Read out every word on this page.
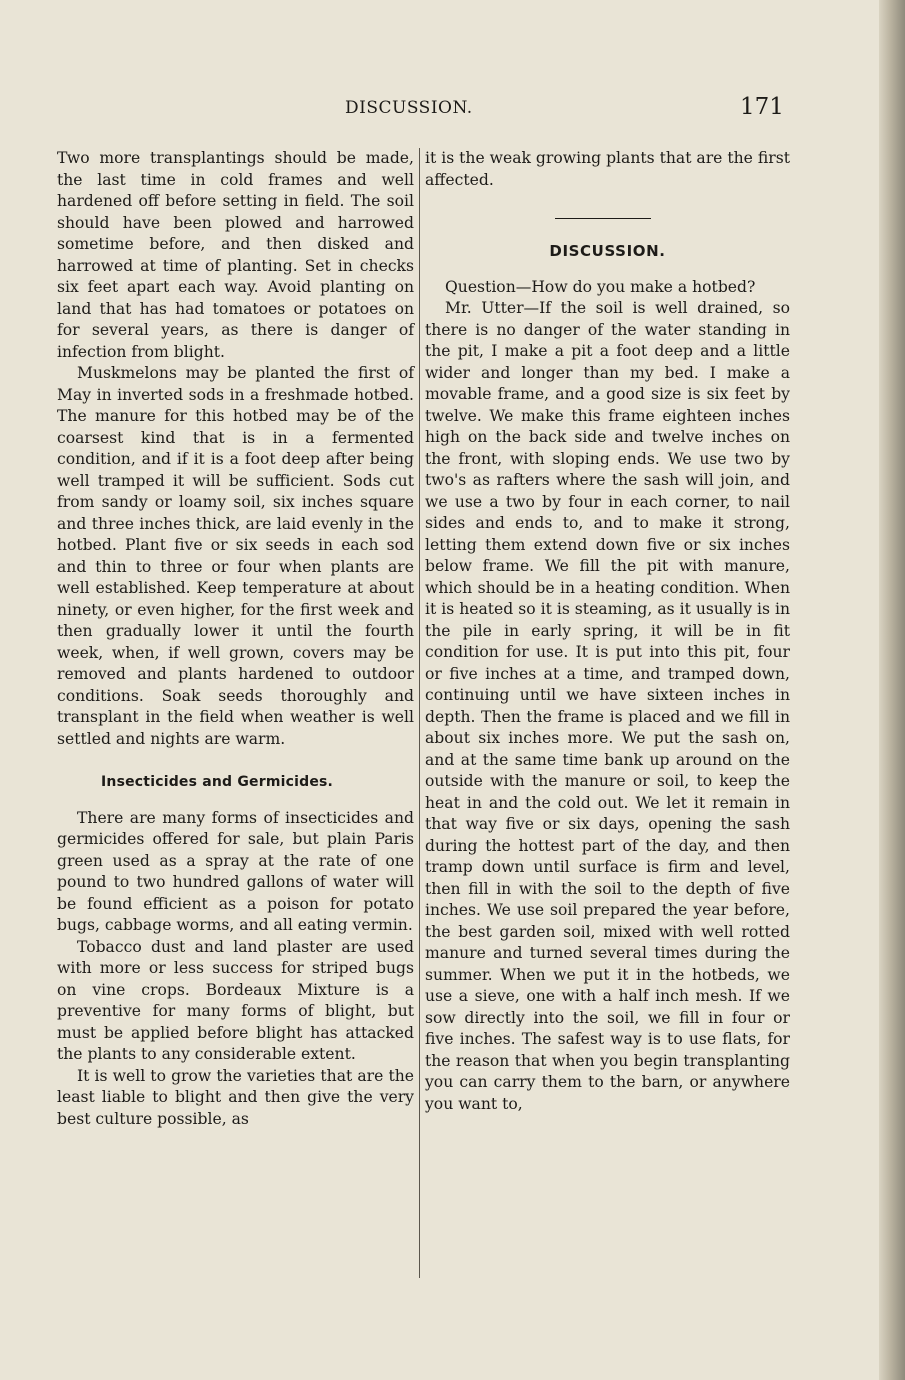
DISCUSSION.	171

Two more transplantings should be made, the last time in cold frames and well hardened off before setting in field. The soil should have been plowed and harrowed sometime before, and then disked and harrowed at time of planting. Set in checks six feet apart each way. Avoid planting on land that has had tomatoes or potatoes on for several years, as there is danger of infection from blight.

Muskmelons may be planted the first of May in inverted sods in a freshmade hotbed. The manure for this hotbed may be of the coarsest kind that is in a fermented condition, and if it is a foot deep after being well tramped it will be sufficient. Sods cut from sandy or loamy soil, six inches square and three inches thick, are laid evenly in the hotbed. Plant five or six seeds in each sod and thin to three or four when plants are well established. Keep temperature at about ninety, or even higher, for the first week and then gradually lower it until the fourth week, when, if well grown, covers may be removed and plants hardened to outdoor conditions. Soak seeds thoroughly and transplant in the field when weather is well settled and nights are warm.

Insecticides and Germicides.

There are many forms of insecticides and germicides offered for sale, but plain Paris green used as a spray at the rate of one pound to two hundred gallons of water will be found efficient as a poison for potato bugs, cabbage worms, and all eating vermin.

Tobacco dust and land plaster are used with more or less success for striped bugs on vine crops. Bordeaux Mixture is a preventive for many forms of blight, but must be applied before blight has attacked the plants to any considerable extent.

It is well to grow the varieties that are the least liable to blight and then give the very best culture possible, as

it is the weak growing plants that are the first affected.

DISCUSSION.

Question—How do you make a hotbed?

Mr. Utter—If the soil is well drained, so there is no danger of the water standing in the pit, I make a pit a foot deep and a little wider and longer than my bed. I make a movable frame, and a good size is six feet by twelve. We make this frame eighteen inches high on the back side and twelve inches on the front, with sloping ends. We use two by two's as rafters where the sash will join, and we use a two by four in each corner, to nail sides and ends to, and to make it strong, letting them extend down five or six inches below frame. We fill the pit with manure, which should be in a heating condition. When it is heated so it is steaming, as it usually is in the pile in early spring, it will be in fit condition for use. It is put into this pit, four or five inches at a time, and tramped down, continuing until we have sixteen inches in depth. Then the frame is placed and we fill in about six inches more. We put the sash on, and at the same time bank up around on the outside with the manure or soil, to keep the heat in and the cold out. We let it remain in that way five or six days, opening the sash during the hottest part of the day, and then tramp down until surface is firm and level, then fill in with the soil to the depth of five inches. We use soil prepared the year before, the best garden soil, mixed with well rotted manure and turned several times during the summer. When we put it in the hotbeds, we use a sieve, one with a half inch mesh. If we sow directly into the soil, we fill in four or five inches. The safest way is to use flats, for the reason that when you begin transplanting you can carry them to the barn, or anywhere you want to,
